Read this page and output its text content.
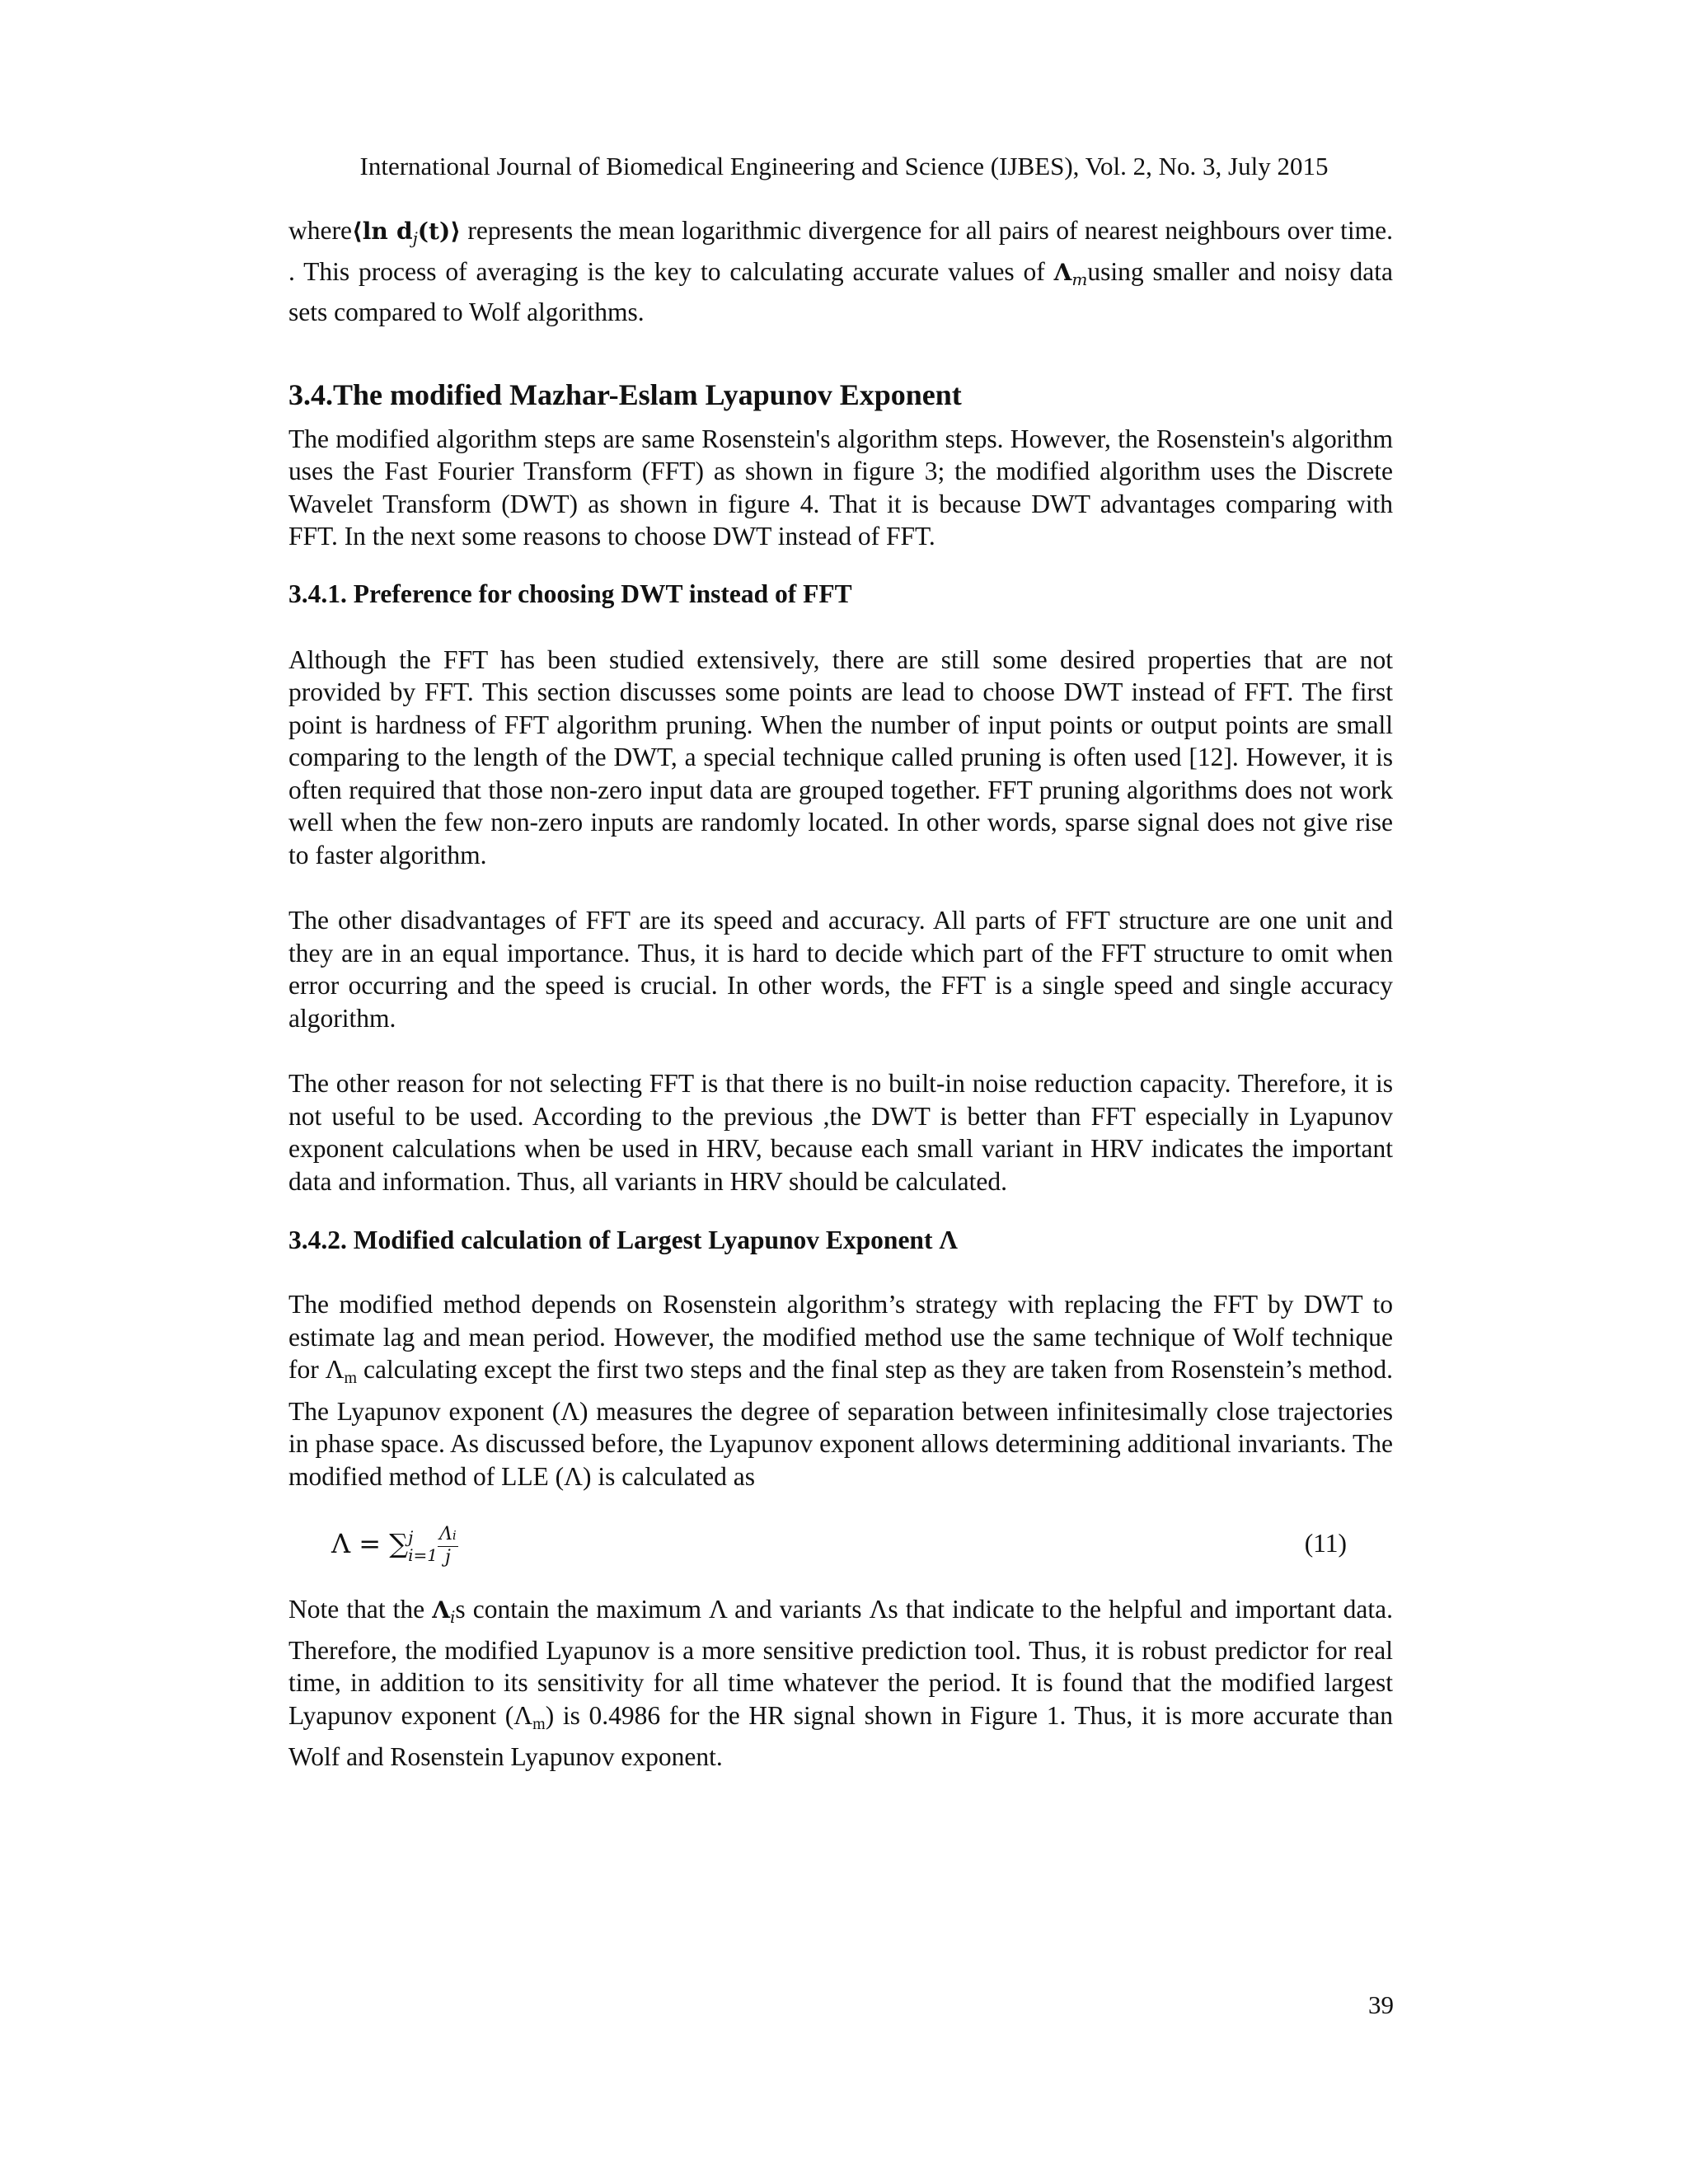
International Journal of Biomedical Engineering and Science (IJBES), Vol. 2, No. 3, July 2015

where⟨ln $d_j(t)⟩$ represents the mean logarithmic divergence for all pairs of nearest neighbours over time. . This process of averaging is the key to calculating accurate values of $\Lambda_musing$ smaller and noisy data sets compared to Wolf algorithms.

3.4.The modified Mazhar-Eslam Lyapunov Exponent

The modified algorithm steps are same Rosenstein's algorithm steps. However, the Rosenstein's algorithm uses the Fast Fourier Transform (FFT) as shown in figure 3; the modified algorithm uses the Discrete Wavelet Transform (DWT) as shown in figure 4. That it is because DWT advantages comparing with FFT. In the next some reasons to choose DWT instead of FFT.

3.4.1. Preference for choosing DWT instead of FFT

Although the FFT has been studied extensively, there are still some desired properties that are not provided by FFT. This section discusses some points are lead to choose DWT instead of FFT. The first point is hardness of FFT algorithm pruning. When the number of input points or output points are small comparing to the length of the DWT, a special technique called pruning is often used [12]. However, it is often required that those non-zero input data are grouped together. FFT pruning algorithms does not work well when the few non-zero inputs are randomly located. In other words, sparse signal does not give rise to faster algorithm.

The other disadvantages of FFT are its speed and accuracy. All parts of FFT structure are one unit and they are in an equal importance. Thus, it is hard to decide which part of the FFT structure to omit when error occurring and the speed is crucial. In other words, the FFT is a single speed and single accuracy algorithm.

The other reason for not selecting FFT is that there is no built-in noise reduction capacity. Therefore, it is not useful to be used. According to the previous ,the DWT is better than FFT especially in Lyapunov exponent calculations when be used in HRV, because each small variant in HRV indicates the important data and information. Thus, all variants in HRV should be calculated.

3.4.2. Modified calculation of Largest Lyapunov Exponent Λ

The modified method depends on Rosenstein algorithm’s strategy with replacing the FFT by DWT to estimate lag and mean period. However, the modified method use the same technique of Wolf technique for $\Lambda_m$ calculating except the first two steps and the final step as they are taken from Rosenstein’s method. The Lyapunov exponent (Λ) measures the degree of separation between infinitesimally close trajectories in phase space. As discussed before, the Lyapunov exponent allows determining additional invariants. The modified method of LLE (Λ) is calculated as

Λ = ∑ j
$i=1 \frac{\Lambda i}{j}$	(11)

Note that the $\Lambda_is$ contain the maximum Λ and variants Λs that indicate to the helpful and important data. Therefore, the modified Lyapunov is a more sensitive prediction tool. Thus, it is robust predictor for real time, in addition to its sensitivity for all time whatever the period. It is found that the modified largest Lyapunov exponent $(\Lambda_m)$ is 0.4986 for the HR signal shown in Figure 1. Thus, it is more accurate than Wolf and Rosenstein Lyapunov exponent.

39
